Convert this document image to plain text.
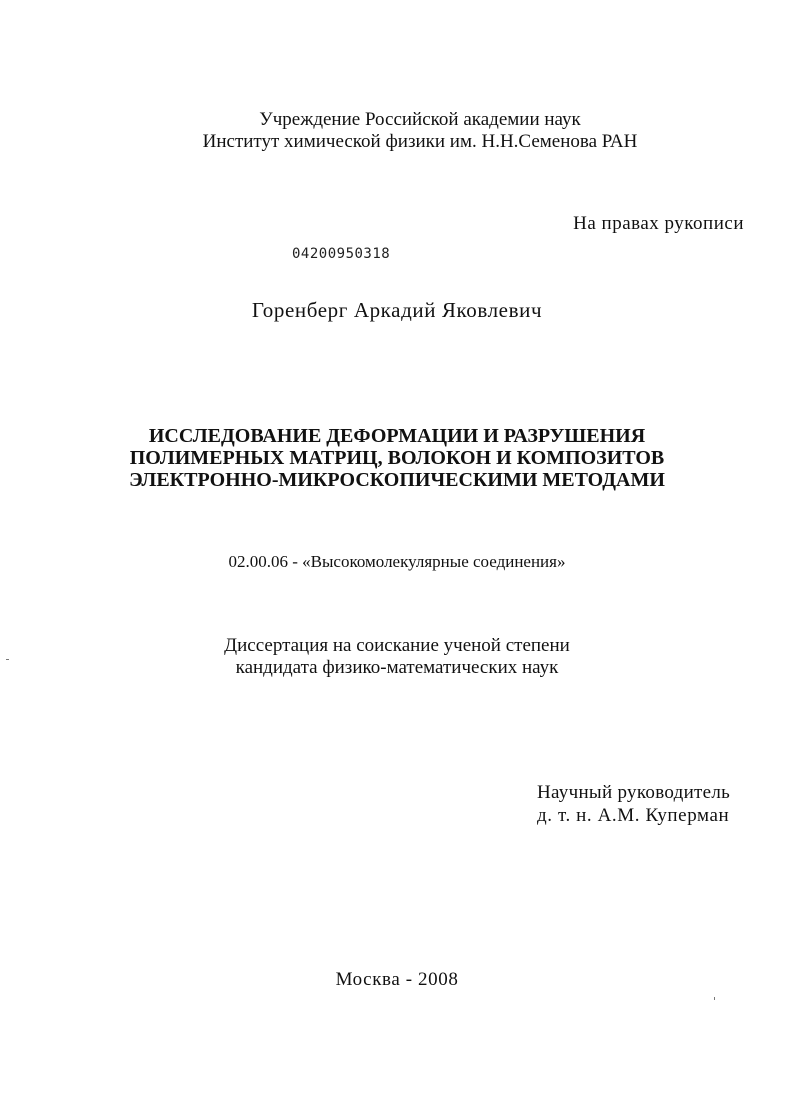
Учреждение Российской академии наук

Институт химической физики им. Н.Н.Семенова РАН

На правах рукописи

04200950318

Горенберг Аркадий Яковлевич

ИССЛЕДОВАНИЕ ДЕФОРМАЦИИ И РАЗРУШЕНИЯ

ПОЛИМЕРНЫХ МАТРИЦ, ВОЛОКОН И КОМПОЗИТОВ

ЭЛЕКТРОННО-МИКРОСКОПИЧЕСКИМИ МЕТОДАМИ

02.00.06 - «Высокомолекулярные соединения»

Диссертация на соискание ученой степени

кандидата физико-математических наук

Научный руководитель

д. т. н. А.М. Куперман

Москва - 2008
